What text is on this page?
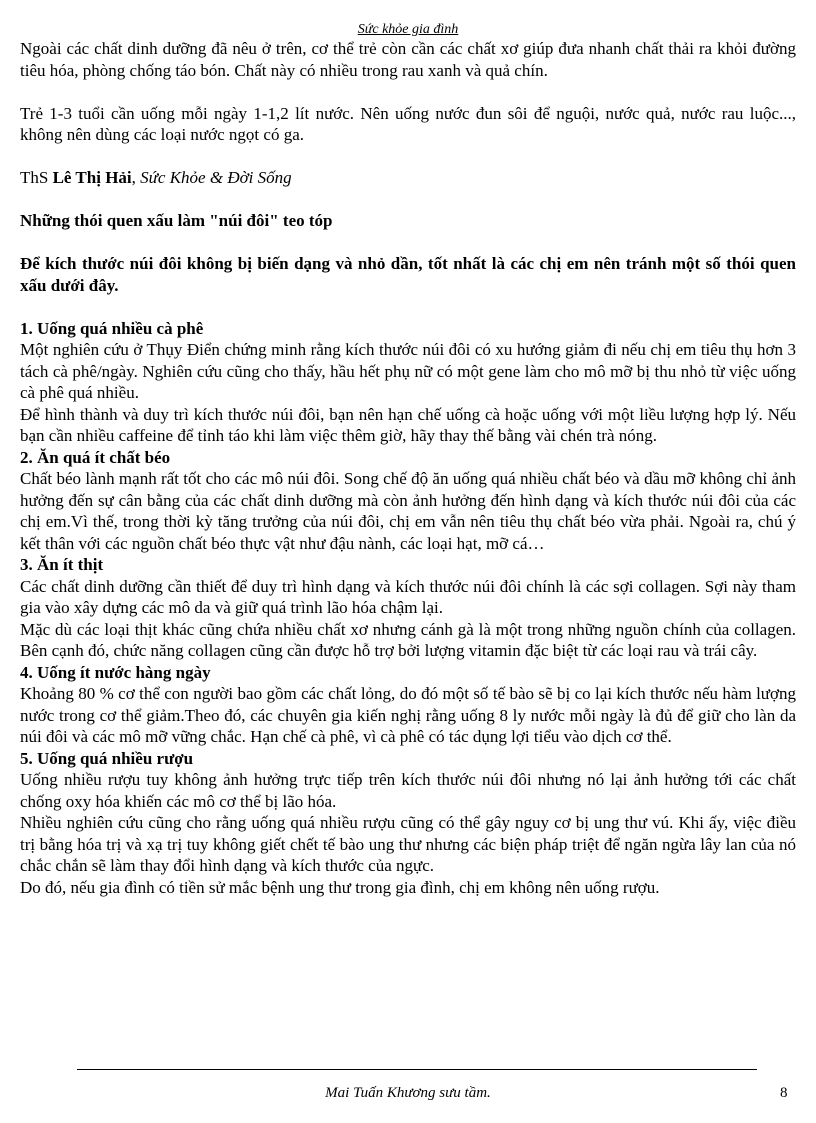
Sức khỏe gia đình

Ngoài các chất dinh dưỡng đã nêu ở trên, cơ thể trẻ còn cần các chất xơ giúp đưa nhanh chất thải ra khỏi đường tiêu hóa, phòng chống táo bón. Chất này có nhiều trong rau xanh và quả chín.

Trẻ 1-3 tuổi cần uống mỗi ngày 1-1,2 lít nước. Nên uống nước đun sôi để nguội, nước quả, nước rau luộc..., không nên dùng các loại nước ngọt có ga.

ThS Lê Thị Hải, Sức Khỏe & Đời Sống

Những thói quen xấu làm "núi đôi" teo tóp

Để kích thước núi đôi không bị biến dạng và nhỏ dần, tốt nhất là các chị em nên tránh một số thói quen xấu dưới đây.

1. Uống quá nhiều cà phê

Một nghiên cứu ở Thụy Điển chứng minh rằng kích thước núi đôi có xu hướng giảm đi nếu chị em tiêu thụ hơn 3 tách cà phê/ngày. Nghiên cứu cũng cho thấy, hầu hết phụ nữ có một gene làm cho mô mỡ bị thu nhỏ từ việc uống cà phê quá nhiều.

Để hình thành và duy trì kích thước núi đôi, bạn nên hạn chế uống cà hoặc uống với một liều lượng hợp lý. Nếu bạn cần nhiều caffeine để tỉnh táo khi làm việc thêm giờ, hãy thay thế bằng vài chén trà nóng.

2. Ăn quá ít chất béo

Chất béo lành mạnh rất tốt cho các mô núi đôi. Song chế độ ăn uống quá nhiều chất béo và dầu mỡ không chỉ ảnh hưởng đến sự cân bằng của các chất dinh dưỡng mà còn ảnh hưởng đến hình dạng và kích thước núi đôi của các chị em.Vì thế, trong thời kỳ tăng trưởng của núi đôi, chị em vẫn nên tiêu thụ chất béo vừa phải. Ngoài ra, chú ý kết thân với các nguồn chất béo thực vật như đậu nành, các loại hạt, mỡ cá…

3. Ăn ít thịt

Các chất dinh dưỡng cần thiết để duy trì hình dạng và kích thước núi đôi chính là các sợi collagen. Sợi này tham gia vào xây dựng các mô da và giữ quá trình lão hóa chậm lại.

Mặc dù các loại thịt khác cũng chứa nhiều chất xơ nhưng cánh gà là một trong những nguồn chính của collagen. Bên cạnh đó, chức năng collagen cũng cần được hỗ trợ bởi lượng vitamin đặc biệt từ các loại rau và trái cây.

4. Uống ít nước hàng ngày

Khoảng 80 % cơ thể con người bao gồm các chất lỏng, do đó một số tế bào sẽ bị co lại kích thước nếu hàm lượng nước trong cơ thể giảm.Theo đó, các chuyên gia kiến nghị rằng uống 8 ly nước mỗi ngày là đủ để giữ cho làn da núi đôi và các mô mỡ vững chắc. Hạn chế cà phê, vì cà phê có tác dụng lợi tiểu vào dịch cơ thể.

5. Uống quá nhiều rượu

Uống nhiều rượu tuy không ảnh hưởng trực tiếp trên kích thước núi đôi nhưng nó lại ảnh hưởng tới các chất chống oxy hóa khiến các mô cơ thể bị lão hóa.

Nhiều nghiên cứu cũng cho rằng uống quá nhiều rượu cũng có thể gây nguy cơ bị ung thư vú. Khi ấy, việc điều trị bằng hóa trị và xạ trị tuy không giết chết tế bào ung thư nhưng các biện pháp triệt để ngăn ngừa lây lan của nó chắc chắn sẽ làm thay đổi hình dạng và kích thước của ngực.

Do đó, nếu gia đình có tiền sử mắc bệnh ung thư trong gia đình, chị em không nên uống rượu.

Mai Tuấn Khương sưu tầm.	8
